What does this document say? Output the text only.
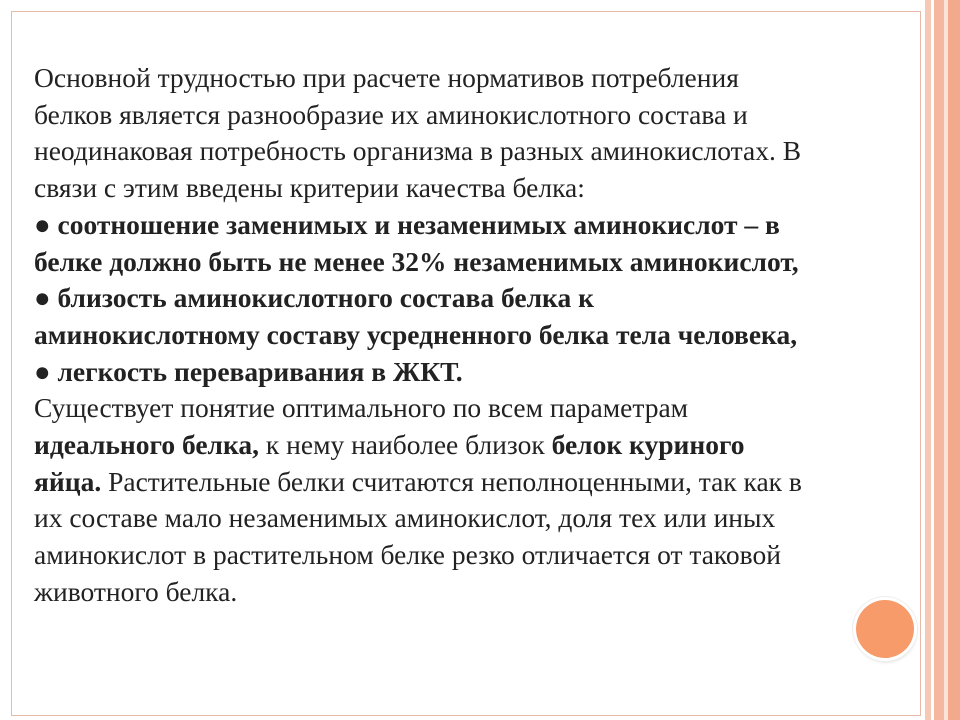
Основной трудностью при расчете нормативов потребления
белков является разнообразие их аминокислотного состава и
неодинаковая потребность организма в разных аминокислотах. В
связи с этим введены критерии качества белка:
● соотношение заменимых и незаменимых аминокислот – в
белке должно быть не менее 32% незаменимых аминокислот,
● близость аминокислотного состава белка к
аминокислотному составу усредненного белка тела человека,
● легкость переваривания в ЖКТ.
Существует понятие оптимального по всем параметрам
идеального белка, к нему наиболее близок белок куриного
яйца. Растительные белки считаются неполноценными, так как в
их составе мало незаменимых аминокислот, доля тех или иных
аминокислот в растительном белке резко отличается от таковой
животного белка.
